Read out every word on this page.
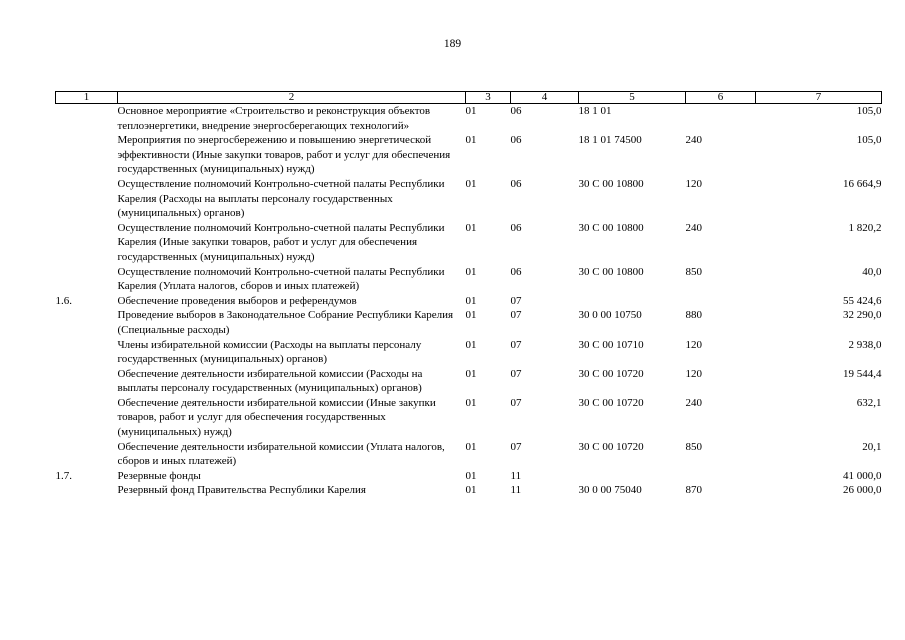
189
1	2	3	4	5	6	7
	Основное мероприятие «Строительство и реконструкция объектов теплоэнергетики, внедрение энергосберегающих технологий»	01	06	18 1 01		105,0
	Мероприятия по энергосбережению и повышению энергетической эффективности (Иные закупки товаров, работ и услуг для обеспечения государственных (муниципальных) нужд)	01	06	18 1 01 74500	240	105,0
	Осуществление полномочий Контрольно-счетной палаты Республики Карелия (Расходы на выплаты персоналу государственных (муниципальных) органов)	01	06	30 С 00 10800	120	16 664,9
	Осуществление полномочий Контрольно-счетной палаты Республики Карелия (Иные закупки товаров, работ и услуг для обеспечения государственных (муниципальных) нужд)	01	06	30 С 00 10800	240	1 820,2
	Осуществление полномочий Контрольно-счетной палаты Республики Карелия (Уплата налогов, сборов и иных платежей)	01	06	30 С 00 10800	850	40,0
1.6.	Обеспечение проведения выборов и референдумов	01	07			55 424,6
	Проведение выборов в Законодательное Собрание Республики Карелия (Специальные расходы)	01	07	30 0 00 10750	880	32 290,0
	Члены избирательной комиссии (Расходы на выплаты персоналу государственных (муниципальных) органов)	01	07	30 С 00 10710	120	2 938,0
	Обеспечение деятельности избирательной комиссии (Расходы на выплаты персоналу государственных (муниципальных) органов)	01	07	30 С 00 10720	120	19 544,4
	Обеспечение деятельности избирательной комиссии (Иные закупки товаров, работ и услуг для обеспечения государственных (муниципальных) нужд)	01	07	30 С 00 10720	240	632,1
	Обеспечение деятельности избирательной комиссии (Уплата налогов, сборов и иных платежей)	01	07	30 С 00 10720	850	20,1
1.7.	Резервные фонды	01	11			41 000,0
	Резервный фонд Правительства Республики Карелия	01	11	30 0 00 75040	870	26 000,0
